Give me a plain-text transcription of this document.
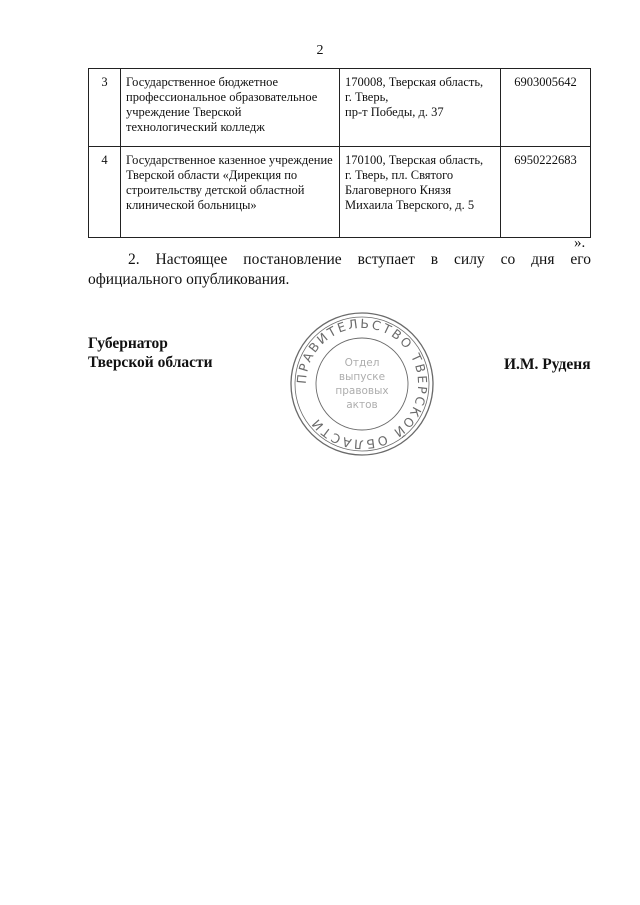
2
3	Государственное бюджетное профессиональное образовательное учреждение Тверской технологический колледж	170008, Тверская область,
г. Тверь,
пр-т Победы, д. 37	6903005642
4	Государственное казенное учреждение Тверской области «Дирекция по строительству детской областной клинической больницы»	170100, Тверская область,
г. Тверь, пл. Святого
Благоверного Князя
Михаила Тверского, д. 5	6950222683
».
2. Настоящее постановление вступает в силу со дня его официального опубликования.
Губернатор
Тверской области
ПРАВИТЕЛЬСТВО ТВЕРСКОЙ ОБЛАСТИ
Отдел
выпуске
правовых
актов
И.М. Руденя
